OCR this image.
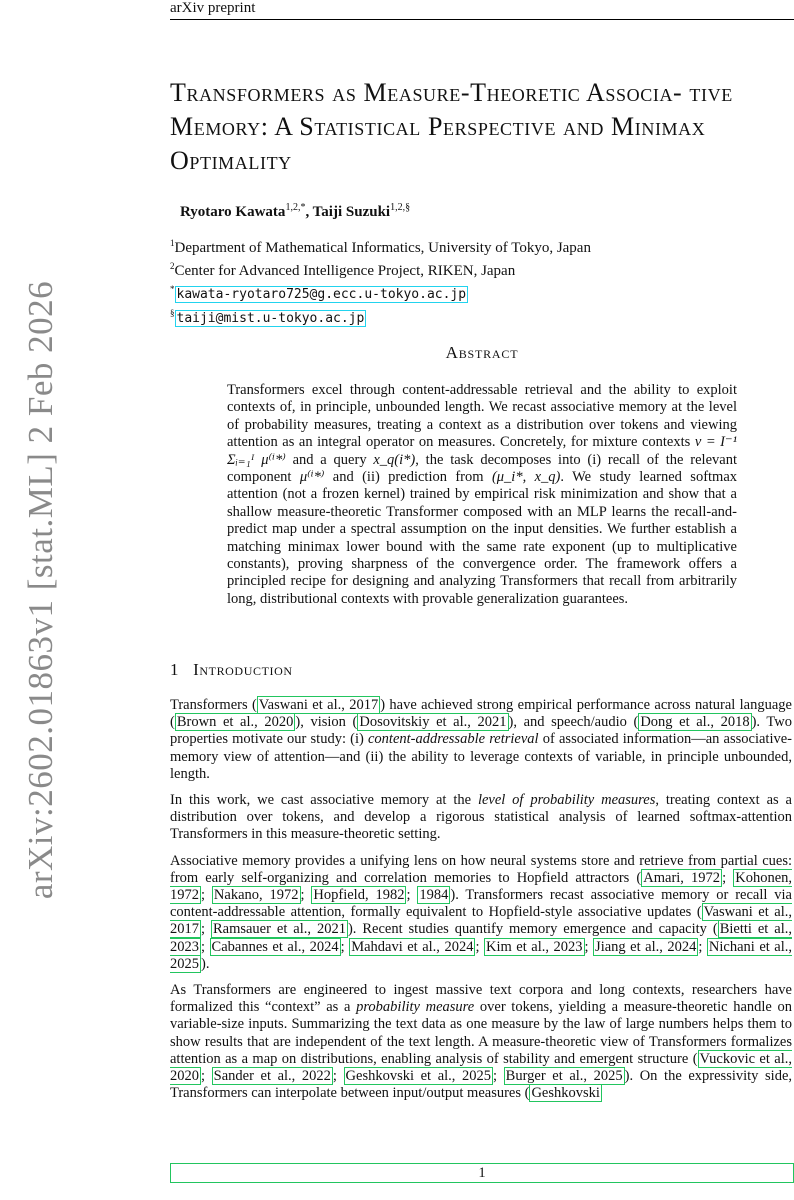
arXiv preprint
arXiv:2602.01863v1 [stat.ML] 2 Feb 2026
Transformers as Measure-Theoretic Associa- tive Memory: A Statistical Perspective and Minimax Optimality
Ryotaro Kawata$^{1,2,*}$, Taiji Suzuki$^{1,2,\S}$
$^1$Department of Mathematical Informatics, University of Tokyo, Japan
$^2$Center for Advanced Intelligence Project, RIKEN, Japan
* kawata-ryotaro725@g.ecc.u-tokyo.ac.jp
§ taiji@mist.u-tokyo.ac.jp
Abstract
Transformers excel through content-addressable retrieval and the ability to exploit contexts of, in principle, unbounded length. We recast associative memory at the level of probability measures, treating a context as a distribution over tokens and viewing attention as an integral operator on measures. Concretely, for mixture contexts ν = I⁻¹ Σᵢ₌₁ᴵ μ⁽ⁱ*⁾ and a query x_q(i*), the task decomposes into (i) recall of the relevant component μ⁽ⁱ*⁾ and (ii) prediction from (μ_i*, x_q). We study learned softmax attention (not a frozen kernel) trained by empirical risk minimization and show that a shallow measure-theoretic Transformer composed with an MLP learns the recall-and-predict map under a spectral assumption on the input densities. We further establish a matching minimax lower bound with the same rate exponent (up to multiplicative constants), proving sharpness of the convergence order. The framework offers a principled recipe for designing and analyzing Transformers that recall from arbitrarily long, distributional contexts with provable generalization guarantees.
1 Introduction

Transformers ( Vaswani et al., 2017 ) have achieved strong empirical performance across natural language ( Brown et al., 2020 ), vision ( Dosovitskiy et al., 2021 ), and speech/audio ( Dong et al., 2018 ). Two properties motivate our study: (i) content-addressable retrieval of associated information—an associative-memory view of attention—and (ii) the ability to leverage contexts of variable, in principle unbounded, length.

In this work, we cast associative memory at the level of probability measures, treating context as a distribution over tokens, and develop a rigorous statistical analysis of learned softmax-attention Transformers in this measure-theoretic setting.

Associative memory provides a unifying lens on how neural systems store and retrieve from partial cues: from early self-organizing and correlation memories to Hopfield attractors ( Amari, 1972 ; Kohonen, 1972 ; Nakano, 1972 ; Hopfield, 1982 ; 1984 ). Transformers recast associative memory or recall via content-addressable attention, formally equivalent to Hopfield-style associative updates ( Vaswani et al., 2017 ; Ramsauer et al., 2021 ). Recent studies quantify memory emergence and capacity ( Bietti et al., 2023 ; Cabannes et al., 2024 ; Mahdavi et al., 2024 ; Kim et al., 2023 ; Jiang et al., 2024 ; Nichani et al., 2025 ).

As Transformers are engineered to ingest massive text corpora and long contexts, researchers have formalized this “context” as a probability measure over tokens, yielding a measure-theoretic handle on variable-size inputs. Summarizing the text data as one measure by the law of large numbers helps them to show results that are independent of the text length. A measure-theoretic view of Transformers formalizes attention as a map on distributions, enabling analysis of stability and emergent structure ( Vuckovic et al., 2020 ; Sander et al., 2022 ; Geshkovski et al., 2025 ; Burger et al., 2025 ). On the expressivity side, Transformers can interpolate between input/output measures ( Geshkovski

1
